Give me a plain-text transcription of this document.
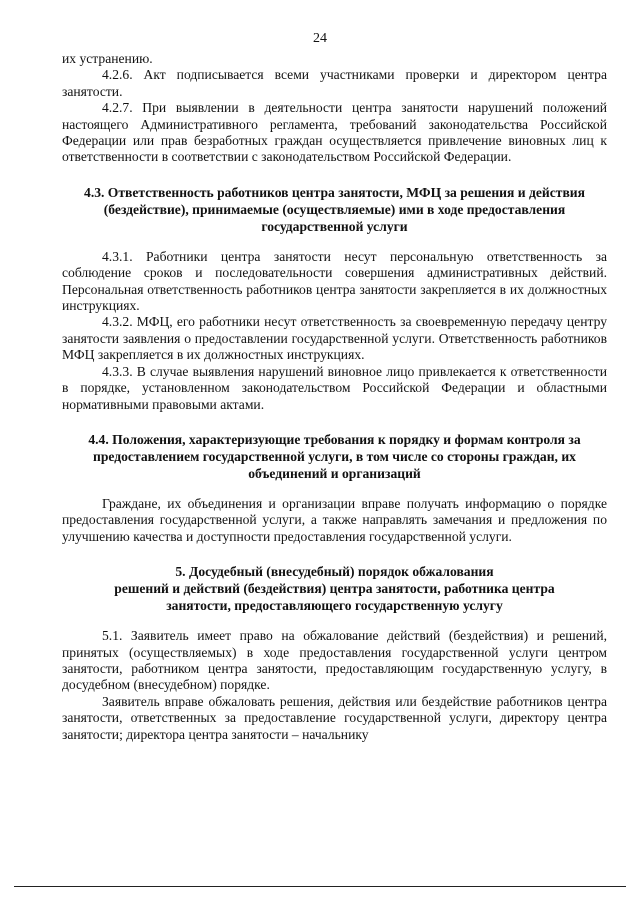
24

их устранению.

4.2.6. Акт подписывается всеми участниками проверки и директором центра занятости.

4.2.7. При выявлении в деятельности центра занятости нарушений положений настоящего Административного регламента, требований законодательства Российской Федерации или прав безработных граждан осуществляется привлечение виновных лиц к ответственности в соответствии с законодательством Российской Федерации.

4.3. Ответственность работников центра занятости, МФЦ за решения и действия (бездействие), принимаемые (осуществляемые) ими в ходе предоставления государственной услуги

4.3.1. Работники центра занятости несут персональную ответственность за соблюдение сроков и последовательности совершения административных действий. Персональная ответственность работников центра занятости закрепляется в их должностных инструкциях.

4.3.2. МФЦ, его работники несут ответственность за своевременную передачу центру занятости заявления о предоставлении государственной услуги. Ответственность работников МФЦ закрепляется в их должностных инструкциях.

4.3.3. В случае выявления нарушений виновное лицо привлекается к ответственности в порядке, установленном законодательством Российской Федерации и областными нормативными правовыми актами.

4.4. Положения, характеризующие требования к порядку и формам контроля за предоставлением государственной услуги, в том числе со стороны граждан, их объединений и организаций

Граждане, их объединения и организации вправе получать информацию о порядке предоставления государственной услуги, а также направлять замечания и предложения по улучшению качества и доступности предоставления государственной услуги.

5. Досудебный (внесудебный) порядок обжалования

решений и действий (бездействия) центра занятости, работника центра

занятости, предоставляющего государственную услугу

5.1. Заявитель имеет право на обжалование действий (бездействия) и решений, принятых (осуществляемых) в ходе предоставления государственной услуги центром занятости, работником центра занятости, предоставляющим государственную услугу, в досудебном (внесудебном) порядке.

Заявитель вправе обжаловать решения, действия или бездействие работников центра занятости, ответственных за предоставление государственной услуги, директору центра занятости; директора центра занятости – начальнику
